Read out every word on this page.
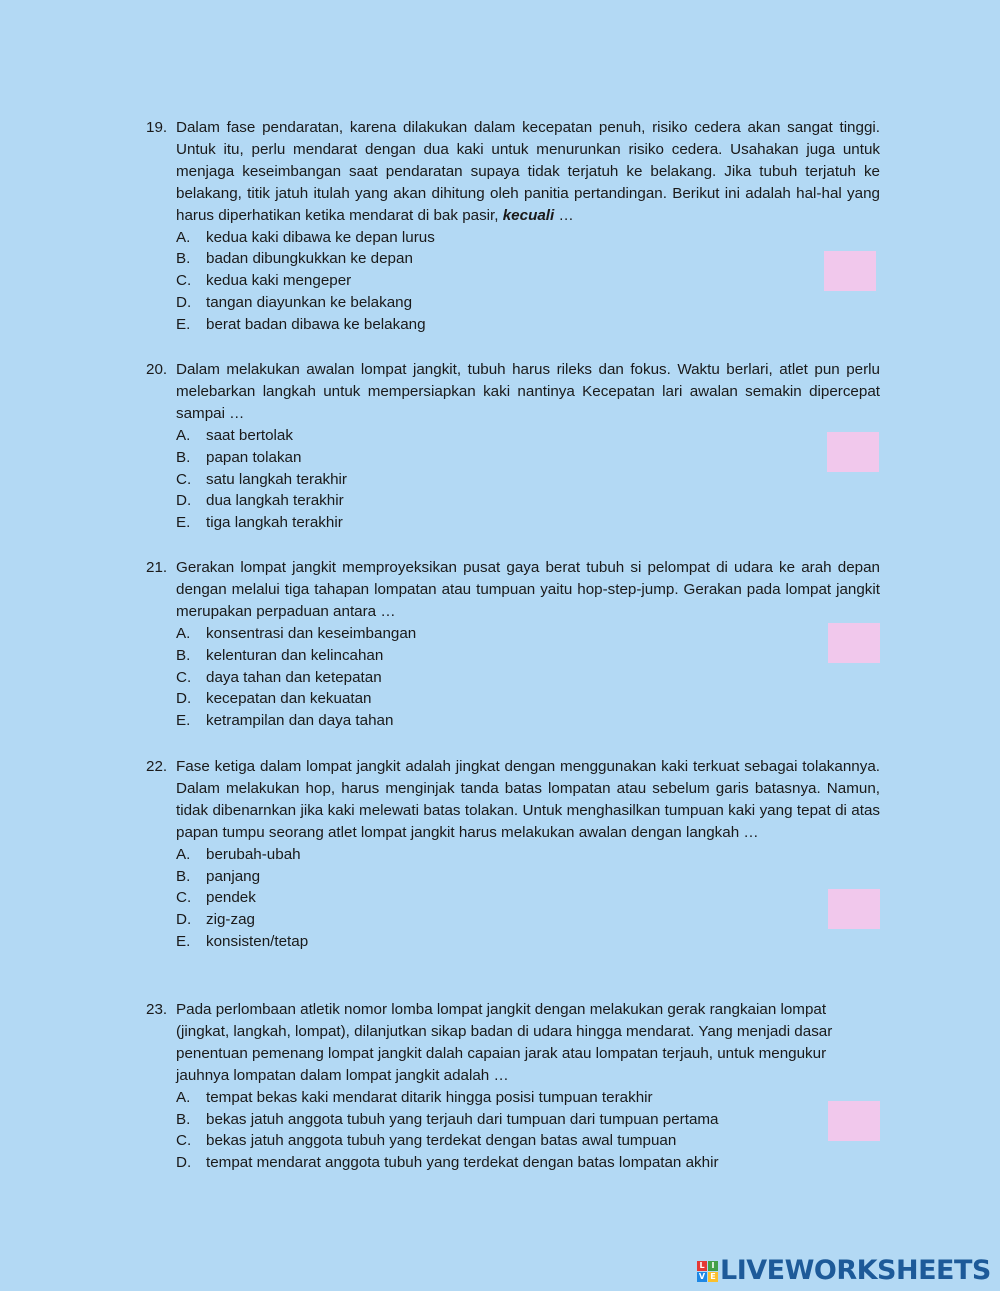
19. Dalam fase pendaratan, karena dilakukan dalam kecepatan penuh, risiko cedera akan sangat tinggi. Untuk itu, perlu mendarat dengan dua kaki untuk menurunkan risiko cedera. Usahakan juga untuk menjaga keseimbangan saat pendaratan supaya tidak terjatuh ke belakang. Jika tubuh terjatuh ke belakang, titik jatuh itulah yang akan dihitung oleh panitia pertandingan. Berikut ini adalah hal-hal yang harus diperhatikan ketika mendarat di bak pasir, kecuali …
A.	kedua kaki dibawa ke depan lurus
B.	badan dibungkukkan ke depan
C. kedua kaki mengeper
D. tangan diayunkan ke belakang
E.	berat badan dibawa ke belakang
20. Dalam melakukan awalan lompat jangkit, tubuh harus rileks dan fokus. Waktu berlari, atlet pun perlu melebarkan langkah untuk mempersiapkan kaki nantinya Kecepatan lari awalan semakin dipercepat sampai …
A.	saat bertolak
B.	papan tolakan
C. satu langkah terakhir
D. dua langkah terakhir
E.	tiga langkah terakhir
21. Gerakan lompat jangkit memproyeksikan pusat gaya berat tubuh si pelompat di udara ke arah depan dengan melalui tiga tahapan lompatan atau tumpuan yaitu hop-step-jump. Gerakan pada lompat jangkit merupakan perpaduan antara …
A.	konsentrasi dan keseimbangan
B.	kelenturan dan kelincahan
C. daya tahan dan ketepatan
D. kecepatan dan kekuatan
E.	ketrampilan dan daya tahan
22. Fase ketiga dalam lompat jangkit adalah jingkat dengan menggunakan kaki terkuat sebagai tolakannya. Dalam melakukan hop, harus menginjak tanda batas lompatan atau sebelum garis batasnya. Namun, tidak dibenarnkan jika kaki melewati batas tolakan. Untuk menghasilkan tumpuan kaki yang tepat di atas papan tumpu seorang atlet lompat jangkit harus melakukan awalan dengan langkah …
A.	berubah-ubah
B.	panjang
C. pendek
D. zig-zag
E.	konsisten/tetap
23. Pada perlombaan atletik nomor lomba lompat jangkit dengan melakukan gerak rangkaian lompat (jingkat, langkah, lompat), dilanjutkan sikap badan di udara hingga mendarat. Yang menjadi dasar penentuan pemenang lompat jangkit dalah capaian jarak atau lompatan terjauh, untuk mengukur jauhnya lompatan dalam lompat jangkit adalah …
A.	tempat bekas kaki mendarat ditarik hingga posisi tumpuan terakhir
B.	bekas jatuh anggota tubuh yang terjauh dari tumpuan dari tumpuan pertama
C. bekas jatuh anggota tubuh yang terdekat dengan batas awal tumpuan
D. tempat mendarat anggota tubuh yang terdekat dengan batas lompatan akhir
L I
V E LIVEWORKSHEETS
